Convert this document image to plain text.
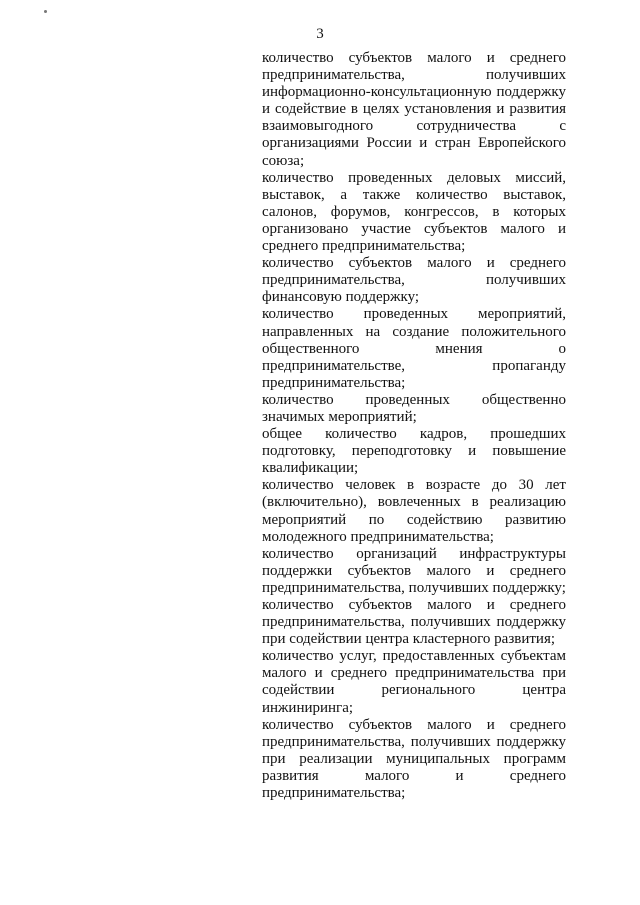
3

количество субъектов малого и среднего предпринимательства, получивших информационно-консультационную поддержку и содействие в целях установления и развития взаимовыгодного сотрудничества с организациями России и стран Европейского союза;

количество проведенных деловых миссий, выставок, а также количество выставок, салонов, форумов, конгрессов, в которых организовано участие субъектов малого и среднего предпринимательства;

количество субъектов малого и среднего предпринимательства, получивших финансовую поддержку;

количество проведенных мероприятий, направленных на создание положительного общественного мнения о предпринимательстве, пропаганду предпринимательства;

количество проведенных общественно значимых мероприятий;

общее количество кадров, прошедших подготовку, переподготовку и повышение квалификации;

количество человек в возрасте до 30 лет (включительно), вовлеченных в реализацию мероприятий по содействию развитию молодежного предпринимательства;

количество организаций инфраструктуры поддержки субъектов малого и среднего предпринимательства, получивших поддержку;

количество субъектов малого и среднего предпринимательства, получивших поддержку при содействии центра кластерного развития;

количество услуг, предоставленных субъектам малого и среднего предпринимательства при содействии регионального центра инжиниринга;

количество субъектов малого и среднего предпринимательства, получивших поддержку при реализации муниципальных программ развития малого и среднего предпринимательства;
